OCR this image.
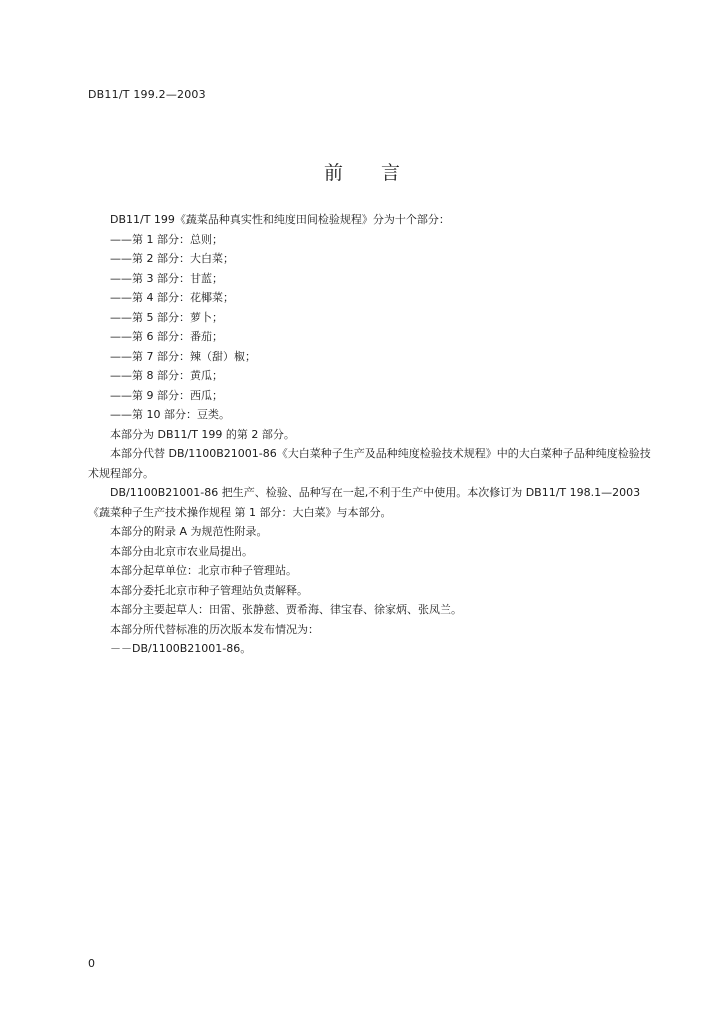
DB11/T 199.2—2003
前　　言

DB11/T 199《蔬菜品种真实性和纯度田间检验规程》分为十个部分：

——第 1 部分：总则；

——第 2 部分：大白菜；

——第 3 部分：甘蓝；

——第 4 部分：花椰菜；

——第 5 部分：萝卜；

——第 6 部分：番茄；

——第 7 部分：辣（甜）椒；

——第 8 部分：黄瓜；

——第 9 部分：西瓜；

——第 10 部分：豆类。

本部分为 DB11/T 199 的第 2 部分。

本部分代替 DB/1100B21001-86《大白菜种子生产及品种纯度检验技术规程》中的大白菜种子品种纯度检验技术规程部分。

DB/1100B21001-86 把生产、检验、品种写在一起,不利于生产中使用。本次修订为 DB11/T 198.1—2003《蔬菜种子生产技术操作规程 第 1 部分：大白菜》与本部分。

本部分的附录 A 为规范性附录。

本部分由北京市农业局提出。

本部分起草单位：北京市种子管理站。

本部分委托北京市种子管理站负责解释。

本部分主要起草人：田雷、张静慈、贾希海、律宝春、徐家炳、张凤兰。

本部分所代替标准的历次版本发布情况为：

－－DB/1100B21001-86。

0
